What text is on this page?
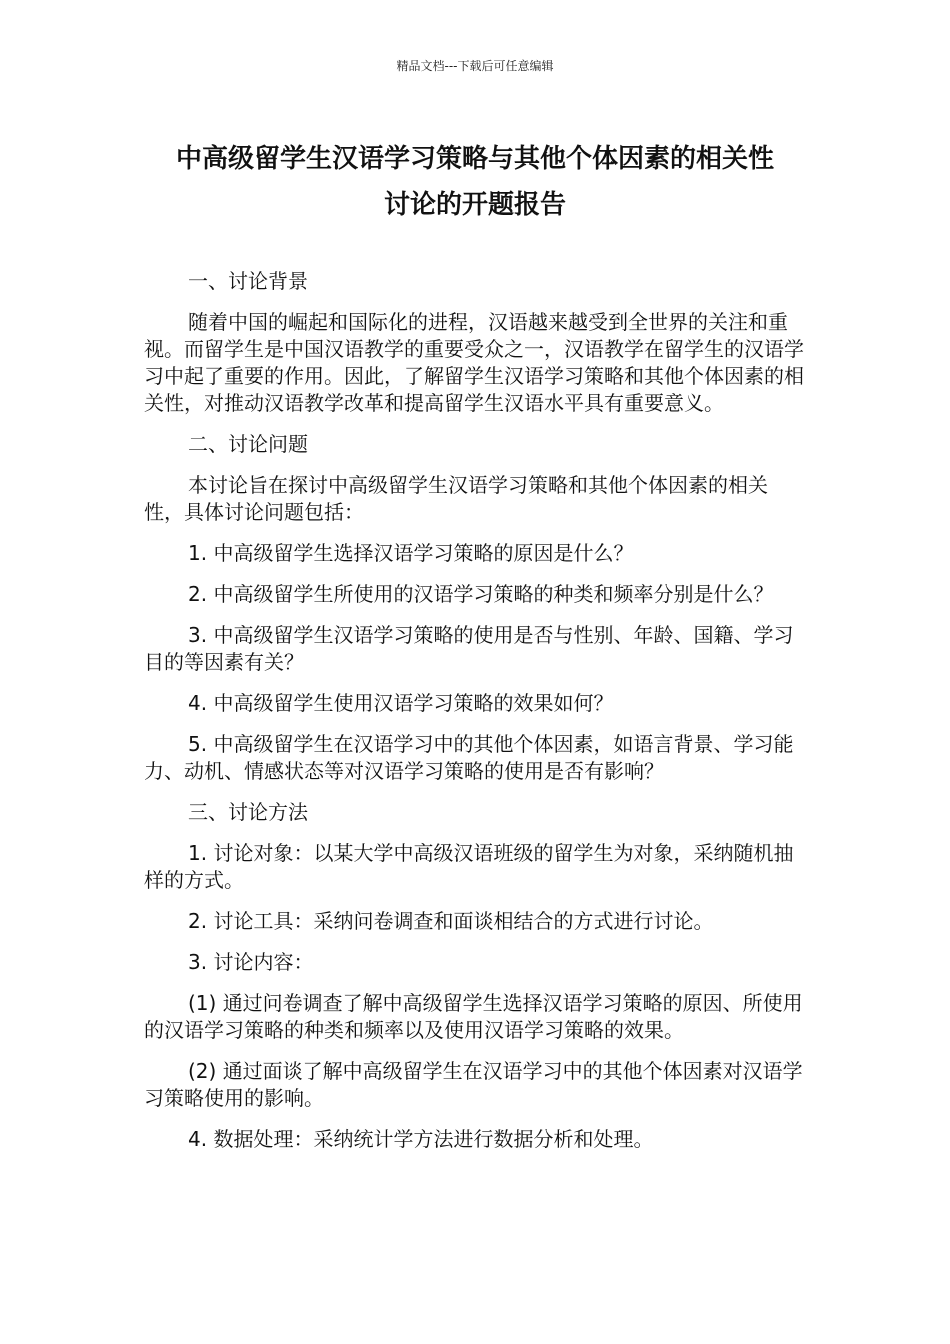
精品文档---下载后可任意编辑
中高级留学生汉语学习策略与其他个体因素的相关性
讨论的开题报告

一、讨论背景

随着中国的崛起和国际化的进程，汉语越来越受到全世界的关注和重视。而留学生是中国汉语教学的重要受众之一，汉语教学在留学生的汉语学习中起了重要的作用。因此，了解留学生汉语学习策略和其他个体因素的相关性，对推动汉语教学改革和提高留学生汉语水平具有重要意义。

二、讨论问题

本讨论旨在探讨中高级留学生汉语学习策略和其他个体因素的相关性，具体讨论问题包括：

1. 中高级留学生选择汉语学习策略的原因是什么？

2. 中高级留学生所使用的汉语学习策略的种类和频率分别是什么？

3. 中高级留学生汉语学习策略的使用是否与性别、年龄、国籍、学习目的等因素有关？

4. 中高级留学生使用汉语学习策略的效果如何？

5. 中高级留学生在汉语学习中的其他个体因素，如语言背景、学习能力、动机、情感状态等对汉语学习策略的使用是否有影响？

三、讨论方法

1. 讨论对象：以某大学中高级汉语班级的留学生为对象，采纳随机抽样的方式。

2. 讨论工具：采纳问卷调查和面谈相结合的方式进行讨论。

3. 讨论内容：

(1) 通过问卷调查了解中高级留学生选择汉语学习策略的原因、所使用的汉语学习策略的种类和频率以及使用汉语学习策略的效果。

(2) 通过面谈了解中高级留学生在汉语学习中的其他个体因素对汉语学习策略使用的影响。

4. 数据处理：采纳统计学方法进行数据分析和处理。
